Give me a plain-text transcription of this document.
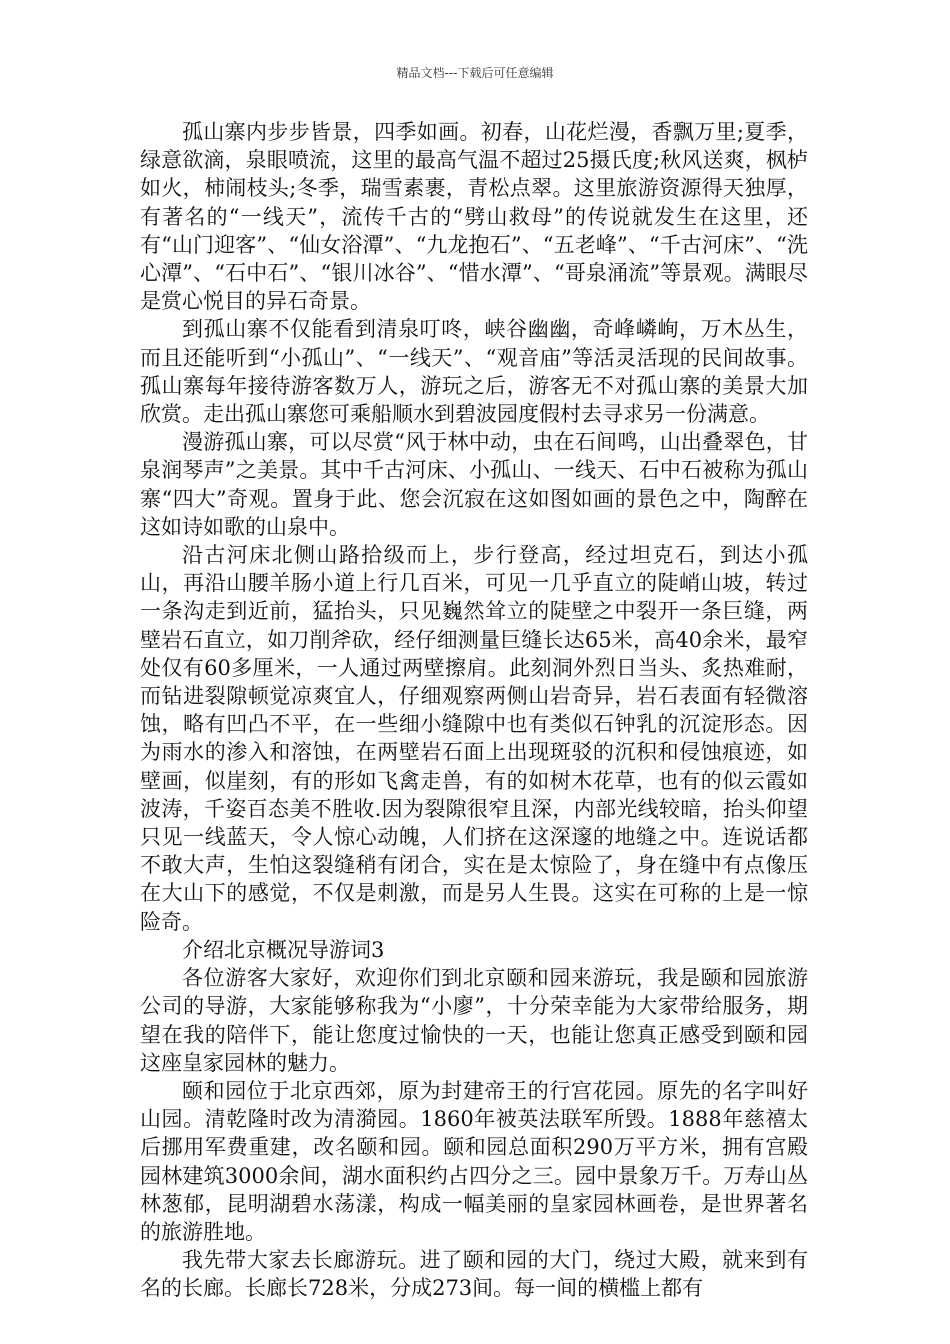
精品文档---下载后可任意编辑

孤山寨内步步皆景，四季如画。初春，山花烂漫，香飘万里;夏季，绿意欲滴，泉眼喷流，这里的最高气温不超过25摄氏度;秋风送爽，枫栌如火，柿闹枝头;冬季，瑞雪素裹，青松点翠。这里旅游资源得天独厚，有著名的“一线天”，流传千古的“劈山救母”的传说就发生在这里，还有“山门迎客”、“仙女浴潭”、“九龙抱石”、“五老峰”、“千古河床”、“洗心潭”、“石中石”、“银川冰谷”、“惜水潭”、“哥泉涌流”等景观。满眼尽是赏心悦目的异石奇景。

到孤山寨不仅能看到清泉叮咚，峡谷幽幽，奇峰嶙峋，万木丛生，而且还能听到“小孤山”、“一线天”、“观音庙”等活灵活现的民间故事。孤山寨每年接待游客数万人，游玩之后，游客无不对孤山寨的美景大加欣赏。走出孤山寨您可乘船顺水到碧波园度假村去寻求另一份满意。

漫游孤山寨，可以尽赏“风于林中动，虫在石间鸣，山出叠翠色，甘泉润琴声”之美景。其中千古河床、小孤山、一线天、石中石被称为孤山寨“四大”奇观。置身于此、您会沉寂在这如图如画的景色之中，陶醉在这如诗如歌的山泉中。

沿古河床北侧山路拾级而上，步行登高，经过坦克石，到达小孤山，再沿山腰羊肠小道上行几百米，可见一几乎直立的陡峭山坡，转过一条沟走到近前，猛抬头，只见巍然耸立的陡壁之中裂开一条巨缝，两壁岩石直立，如刀削斧砍，经仔细测量巨缝长达65米，高40余米，最窄处仅有60多厘米，一人通过两壁擦肩。此刻洞外烈日当头、炙热难耐，而钻进裂隙顿觉凉爽宜人，仔细观察两侧山岩奇异，岩石表面有轻微溶蚀，略有凹凸不平，在一些细小缝隙中也有类似石钟乳的沉淀形态。因为雨水的渗入和溶蚀，在两壁岩石面上出现斑驳的沉积和侵蚀痕迹，如壁画，似崖刻，有的形如飞禽走兽，有的如树木花草，也有的似云霞如波涛，千姿百态美不胜收.因为裂隙很窄且深，内部光线较暗，抬头仰望只见一线蓝天，令人惊心动魄，人们挤在这深邃的地缝之中。连说话都不敢大声，生怕这裂缝稍有闭合，实在是太惊险了，身在缝中有点像压在大山下的感觉，不仅是刺激，而是另人生畏。这实在可称的上是一惊险奇。

介绍北京概况导游词3

各位游客大家好，欢迎你们到北京颐和园来游玩，我是颐和园旅游公司的导游，大家能够称我为“小廖”，十分荣幸能为大家带给服务，期望在我的陪伴下，能让您度过愉快的一天，也能让您真正感受到颐和园这座皇家园林的魅力。

颐和园位于北京西郊，原为封建帝王的行宫花园。原先的名字叫好山园。清乾隆时改为清漪园。1860年被英法联军所毁。1888年慈禧太后挪用军费重建，改名颐和园。颐和园总面积290万平方米，拥有宫殿园林建筑3000余间，湖水面积约占四分之三。园中景象万千。万寿山丛林葱郁，昆明湖碧水荡漾，构成一幅美丽的皇家园林画卷，是世界著名的旅游胜地。

我先带大家去长廊游玩。进了颐和园的大门，绕过大殿，就来到有名的长廊。长廊长728米，分成273间。每一间的横槛上都有
